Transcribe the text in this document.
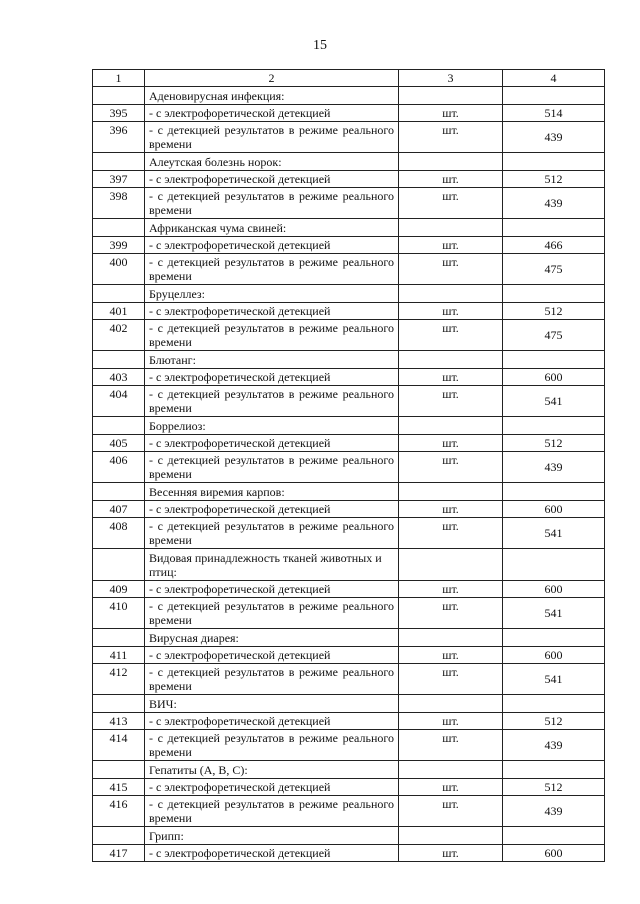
15
1	2	3	4
	Аденовирусная инфекция:		
395	- с электрофоретической детекцией	шт.	514
396	- с детекцией результатов в режиме реального времени	шт.	439
	Алеутская болезнь норок:		
397	- с электрофоретической детекцией	шт.	512
398	- с детекцией результатов в режиме реального времени	шт.	439
	Африканская чума свиней:		
399	- с электрофоретической детекцией	шт.	466
400	- с детекцией результатов в режиме реального времени	шт.	475
	Бруцеллез:		
401	- с электрофоретической детекцией	шт.	512
402	- с детекцией результатов в режиме реального времени	шт.	475
	Блютанг:		
403	- с электрофоретической детекцией	шт.	600
404	- с детекцией результатов в режиме реального времени	шт.	541
	Боррелиоз:		
405	- с электрофоретической детекцией	шт.	512
406	- с детекцией результатов в режиме реального времени	шт.	439
	Весенняя виремия карпов:		
407	- с электрофоретической детекцией	шт.	600
408	- с детекцией результатов в режиме реального времени	шт.	541
	Видовая принадлежность тканей животных и птиц:		
409	- с электрофоретической детекцией	шт.	600
410	- с детекцией результатов в режиме реального времени	шт.	541
	Вирусная диарея:		
411	- с электрофоретической детекцией	шт.	600
412	- с детекцией результатов в режиме реального времени	шт.	541
	ВИЧ:		
413	- с электрофоретической детекцией	шт.	512
414	- с детекцией результатов в режиме реального времени	шт.	439
	Гепатиты (А, В, С):		
415	- с электрофоретической детекцией	шт.	512
416	- с детекцией результатов в режиме реального времени	шт.	439
	Грипп:		
417	- с электрофоретической детекцией	шт.	600
